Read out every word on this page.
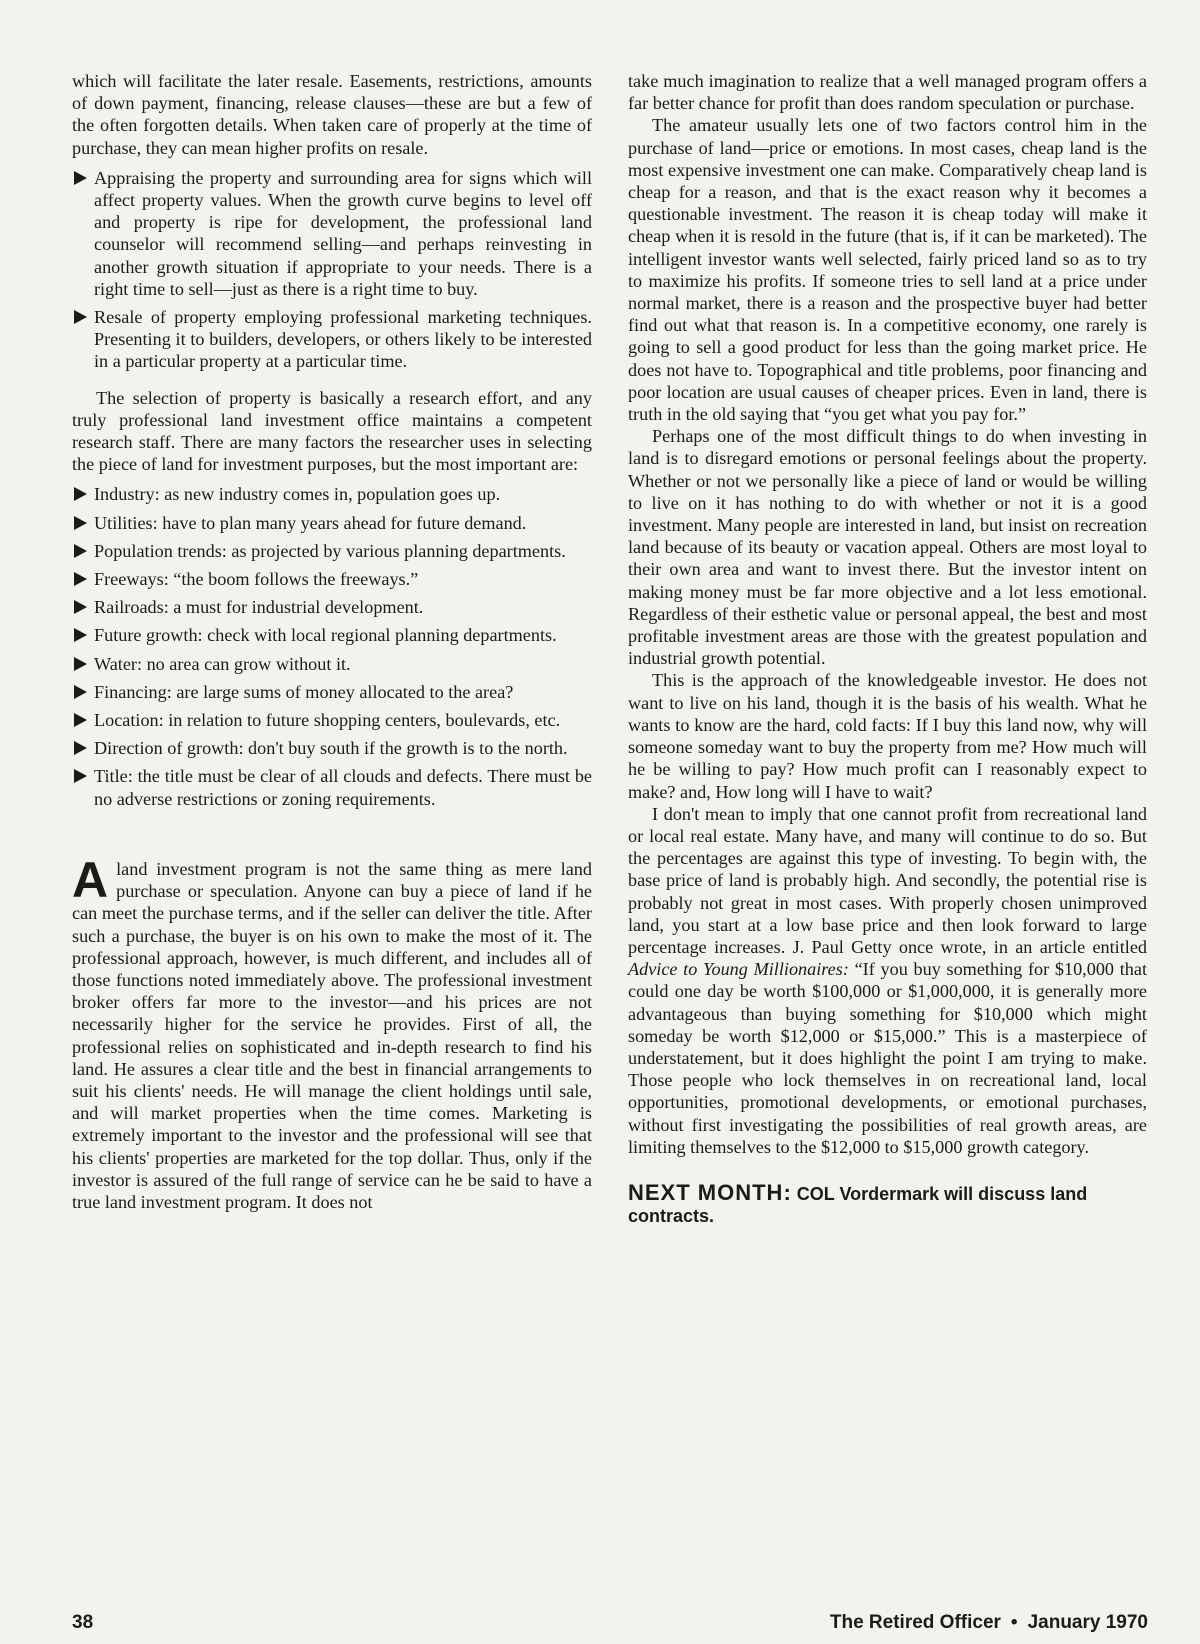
which will facilitate the later resale. Easements, restrictions, amounts of down payment, financing, release clauses—these are but a few of the often forgotten details. When taken care of properly at the time of purchase, they can mean higher profits on resale.

Appraising the property and surrounding area for signs which will affect property values. When the growth curve begins to level off and property is ripe for development, the professional land counselor will recommend selling—and perhaps reinvesting in another growth situation if appropriate to your needs. There is a right time to sell—just as there is a right time to buy.
Resale of property employing professional marketing techniques. Presenting it to builders, developers, or others likely to be interested in a particular property at a particular time.

The selection of property is basically a research effort, and any truly professional land investment office maintains a competent research staff. There are many factors the researcher uses in selecting the piece of land for investment purposes, but the most important are:

Industry: as new industry comes in, population goes up.
Utilities: have to plan many years ahead for future demand.
Population trends: as projected by various planning departments.
Freeways: “the boom follows the freeways.”
Railroads: a must for industrial development.
Future growth: check with local regional planning departments.
Water: no area can grow without it.
Financing: are large sums of money allocated to the area?
Location: in relation to future shopping centers, boulevards, etc.
Direction of growth: don't buy south if the growth is to the north.
Title: the title must be clear of all clouds and defects. There must be no adverse restrictions or zoning requirements.

Aland investment program is not the same thing as mere land purchase or speculation. Anyone can buy a piece of land if he can meet the purchase terms, and if the seller can deliver the title. After such a purchase, the buyer is on his own to make the most of it. The professional approach, however, is much different, and includes all of those functions noted immediately above. The professional investment broker offers far more to the investor—and his prices are not necessarily higher for the service he provides. First of all, the professional relies on sophisticated and in-depth research to find his land. He assures a clear title and the best in financial arrangements to suit his clients' needs. He will manage the client holdings until sale, and will market properties when the time comes. Marketing is extremely important to the investor and the professional will see that his clients' properties are marketed for the top dollar. Thus, only if the investor is assured of the full range of service can he be said to have a true land investment program. It does not

take much imagination to realize that a well managed program offers a far better chance for profit than does random speculation or purchase.

The amateur usually lets one of two factors control him in the purchase of land—price or emotions. In most cases, cheap land is the most expensive investment one can make. Comparatively cheap land is cheap for a reason, and that is the exact reason why it becomes a questionable investment. The reason it is cheap today will make it cheap when it is resold in the future (that is, if it can be marketed). The intelligent investor wants well selected, fairly priced land so as to try to maximize his profits. If someone tries to sell land at a price under normal market, there is a reason and the prospective buyer had better find out what that reason is. In a competitive economy, one rarely is going to sell a good product for less than the going market price. He does not have to. Topographical and title problems, poor financing and poor location are usual causes of cheaper prices. Even in land, there is truth in the old saying that “you get what you pay for.”

Perhaps one of the most difficult things to do when investing in land is to disregard emotions or personal feelings about the property. Whether or not we personally like a piece of land or would be willing to live on it has nothing to do with whether or not it is a good investment. Many people are interested in land, but insist on recreation land because of its beauty or vacation appeal. Others are most loyal to their own area and want to invest there. But the investor intent on making money must be far more objective and a lot less emotional. Regardless of their esthetic value or personal appeal, the best and most profitable investment areas are those with the greatest population and industrial growth potential.

This is the approach of the knowledgeable investor. He does not want to live on his land, though it is the basis of his wealth. What he wants to know are the hard, cold facts: If I buy this land now, why will someone someday want to buy the property from me? How much will he be willing to pay? How much profit can I reasonably expect to make? and, How long will I have to wait?

I don't mean to imply that one cannot profit from recreational land or local real estate. Many have, and many will continue to do so. But the percentages are against this type of investing. To begin with, the base price of land is probably high. And secondly, the potential rise is probably not great in most cases. With properly chosen unimproved land, you start at a low base price and then look forward to large percentage increases. J. Paul Getty once wrote, in an article entitled Advice to Young Millionaires: “If you buy something for $10,000 that could one day be worth $100,000 or $1,000,000, it is generally more advantageous than buying something for $10,000 which might someday be worth $12,000 or $15,000.” This is a masterpiece of understatement, but it does highlight the point I am trying to make. Those people who lock themselves in on recreational land, local opportunities, promotional developments, or emotional purchases, without first investigating the possibilities of real growth areas, are limiting themselves to the $12,000 to $15,000 growth category.

NEXT MONTH: COL Vordermark will discuss land contracts.
38	The Retired Officer • January 1970
